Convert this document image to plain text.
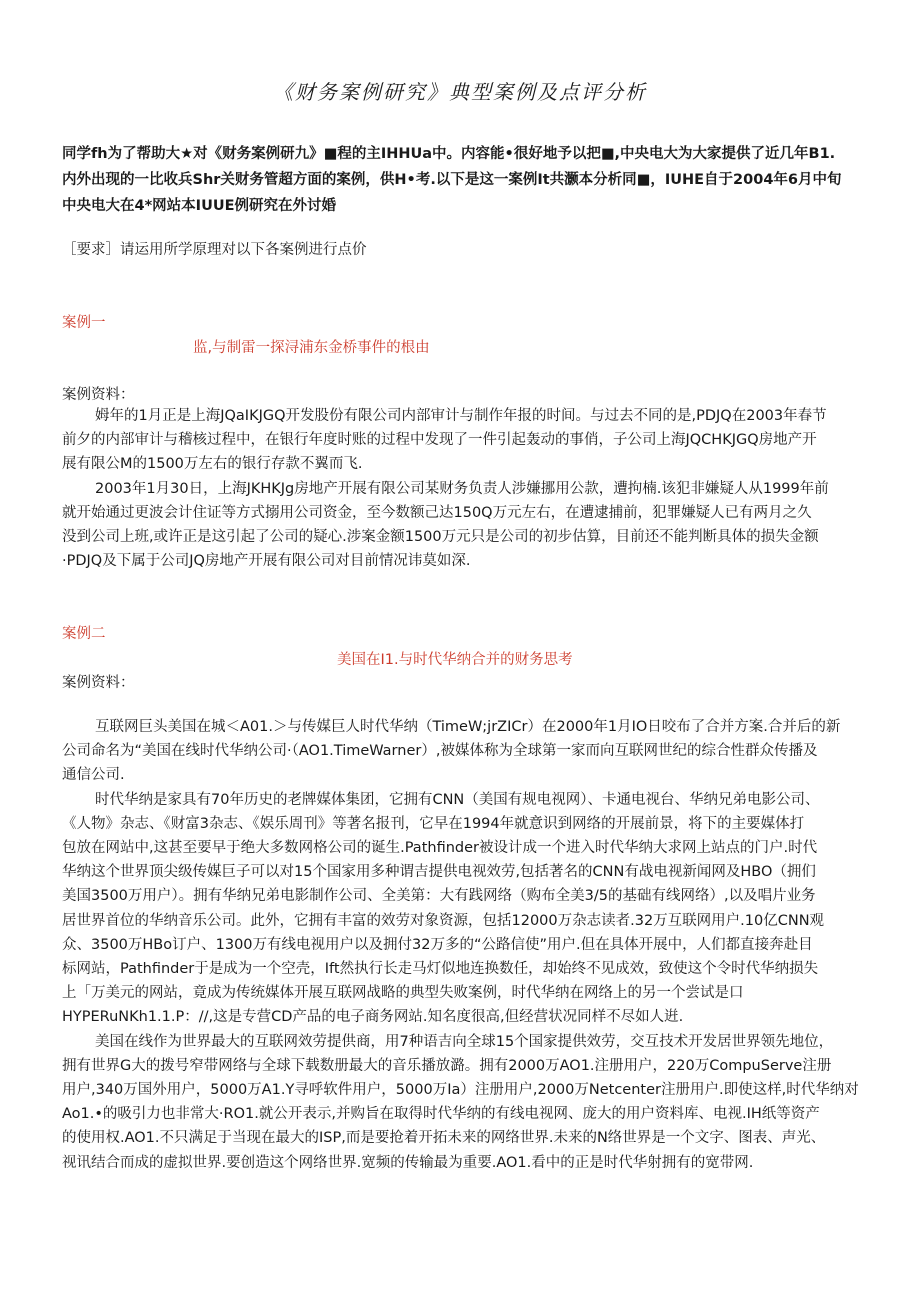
《财务案例研究》典型案例及点评分析

同学fh为了帮助大★对《财务案例研九》■程的主IHHUa中。内容能•很好地予以把■,中央电大为大家提供了近几年B1.

内外出现的一比收兵Shr关财务管超方面的案例，供H•考.以下是这一案例It共灏本分析同■，IUHE自于2004年6月中旬

中央电大在4*网站本IUUE例研究在外讨婚

［要求］请运用所学原理对以下各案例进行点价
案例一
监,与制雷一探浔浦东金桥事件的根由
案例资料：

姆年的1月正是上海JQaIKJGQ开发股份有限公司内部审计与制作年报的时间。与过去不同的是,PDJQ在2003年春节
前夕的内部审计与稽核过程中，在银行年度时账的过程中发现了一件引起轰动的事俏，子公司上海JQCHKJGQ房地产开
展有限公M的1500万左右的银行存款不翼而飞.

2003年1月30日，上海JKHKJg房地产开展有限公司某财务负责人涉嫌挪用公款，遭拘楠.该犯非嫌疑人从1999年前
就开始通过更波会计住证等方式搦用公司资金，至今数额己达150Q万元左右，在遭逮捕前，犯罪嫌疑人已有两月之久
没到公司上班,或许正是这引起了公司的疑心.涉案金额1500万元只是公司的初步估算，目前还不能判断具体的损失金额
·PDJQ及下属于公司JQ房地产开展有限公司对目前情况讳莫如深.

案例二
美国在I1.与时代华纳合并的财务思考
案例资料：

互联网巨头美国在城＜A01.＞与传媒巨人时代华纳（TimeW;jrZICr）在2000年1月IO日咬布了合并方案.合并后的新
公司命名为“美国在线时代华纳公司·（AO1.TimeWarner）,被媒体称为全球第一家而向互联网世纪的综合性群众传播及
通信公司.

时代华纳是家具有70年历史的老牌媒体集团，它拥有CNN（美国有规电视网）、卡通电视台、华纳兄弟电影公司、
《人物》杂志、《财富3杂志、《娱乐周刊》等著名报刊，它早在1994年就意识到网络的开展前景，将下的主要媒体打
包放在网站中,这甚至要早于绝大多数网格公司的诞生.Pathfinder被设计成一个进入时代华纳大求网上站点的门户.时代
华纳这个世界顶尖级传媒巨子可以对15个国家用多种谓吉提供电视效劳,包括著名的CNN有战电视新闻网及HBO（拥们
美国3500万用户）。拥有华纳兄弟电影制作公司、全美第：大有践网络（购布全美3/5的基础有线网络）,以及唱片业务
居世界首位的华纳音乐公司。此外，它拥有丰富的效劳对象资源，包括12000万杂志读者.32万互联网用户.10亿CNN观
众、3500万HBo订户、1300万有线电视用户以及拥付32万多的“公路信使”用户.但在具体开展中，人们都直接奔赴目
标网站，Pathfinder于是成为一个空壳，Ift然执行长走马灯似地连换数任，却始终不见成效，致使这个令时代华纳损失
上「万美元的网站，竟成为传统媒体开展互联网战略的典型失败案例，时代华纳在网络上的另一个尝试是口
HYPERuNKh1.1.P：//,这是专营CD产品的电子商务网站.知名度很高,但经营状况同样不尽如人逬.

美国在线作为世界最大的互联网效劳提供商，用7种语吉向全球15个国家提供效劳，交互技术开发居世界领先地位，
拥有世界G大的拨号窄带网络与全球下载数册最大的音乐播放潞。拥有2000万AO1.注册用户，220万CompuServe注册
用户,340万国外用户，5000万A1.Y寻呼软件用户，5000万Ia）注册用户,2000万Netcenter注册用户.即使这样,时代华纳对
Ao1.•的吸引力也非常大·RO1.就公开表示,并购旨在取得时代华纳的有线电视网、庞大的用户资料库、电视.IH纸等资产
的使用权.AO1.不只满足于当现在最大的ISP,而是要抢着开拓未来的网络世界.未来的N络世界是一个文字、图表、声光、
视讯结合而成的虚拟世界.要创造这个网络世界.宽频的传输最为重要.AO1.看中的正是时代华射拥有的宽带网.
